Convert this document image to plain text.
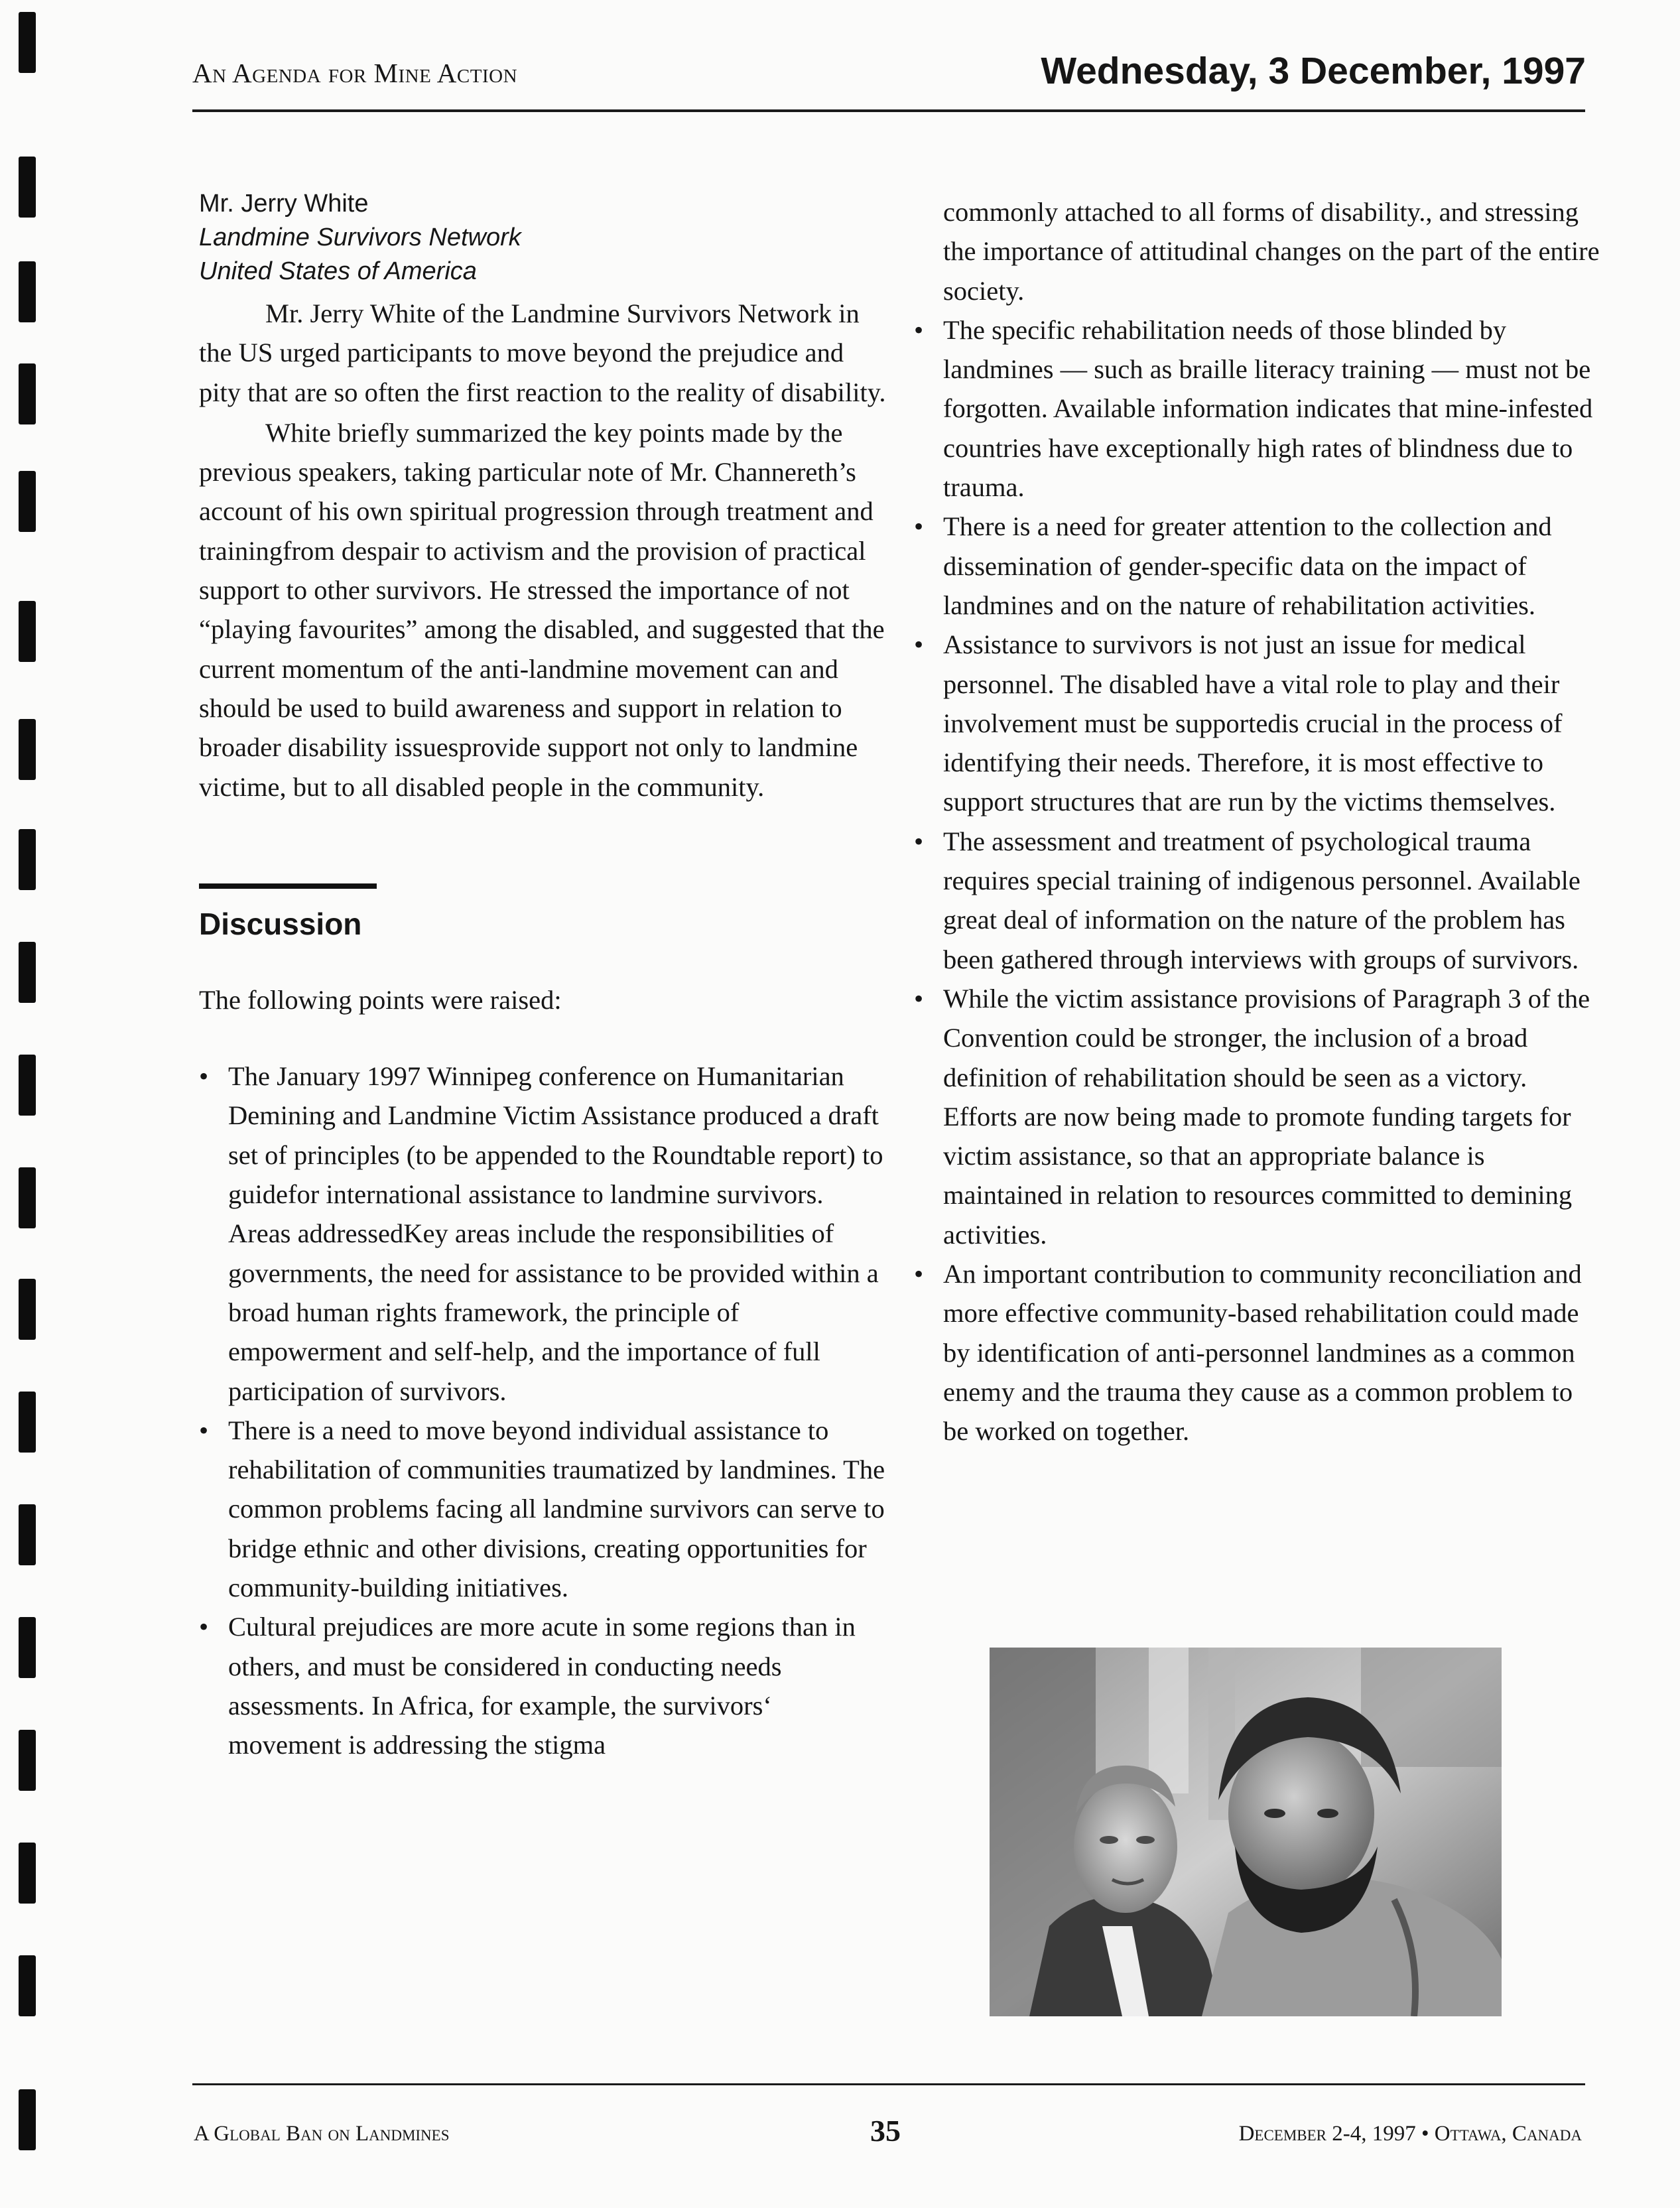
An Agenda for Mine Action	Wednesday, 3 December, 1997
Mr. Jerry White
Landmine Survivors Network
United States of America

Mr. Jerry White of the Landmine Survivors Network in the US urged participants to move beyond the prejudice and pity that are so often the first reaction to the reality of disability.

White briefly summarized the key points made by the previous speakers, taking particular note of Mr. Channereth’s account of his own spiritual progression through treatment and trainingfrom despair to activism and the provision of practical support to other survivors. He stressed the importance of not “playing favourites” among the disabled, and suggested that the current momentum of the anti-landmine movement can and should be used to build awareness and support in relation to broader disability issuesprovide support not only to landmine victime, but to all disabled people in the community.

Discussion
The following points were raised:
• The January 1997 Winnipeg conference on Humanitarian Demining and Landmine Victim Assistance produced a draft set of principles (to be appended to the Roundtable report) to guidefor international assistance to landmine survivors. Areas addressedKey areas include the responsibilities of governments, the need for assistance to be provided within a broad human rights framework, the principle of empowerment and self-help, and the importance of full participation of survivors.
• There is a need to move beyond individual assistance to rehabilitation of communities traumatized by landmines. The common problems facing all landmine survivors can serve to bridge ethnic and other divisions, creating opportunities for community-building initiatives.
• Cultural prejudices are more acute in some regions than in others, and must be considered in conducting needs assessments. In Africa, for example, the survivors‘ movement is addressing the stigma
commonly attached to all forms of disability., and stressing the importance of attitudinal changes on the part of the entire society.
• The specific rehabilitation needs of those blinded by landmines — such as braille literacy training — must not be forgotten. Available information indicates that mine-infested countries have exceptionally high rates of blindness due to trauma.
• There is a need for greater attention to the collection and dissemination of gender-specific data on the impact of landmines and on the nature of rehabilitation activities.
• Assistance to survivors is not just an issue for medical personnel. The disabled have a vital role to play and their involvement must be supportedis crucial in the process of identifying their needs. Therefore, it is most effective to support structures that are run by the victims themselves.
• The assessment and treatment of psychological trauma requires special training of indigenous personnel. Available great deal of information on the nature of the problem has been gathered through interviews with groups of survivors.
• While the victim assistance provisions of Paragraph 3 of the Convention could be stronger, the inclusion of a broad definition of rehabilitation should be seen as a victory. Efforts are now being made to promote funding targets for victim assistance, so that an appropriate balance is maintained in relation to resources committed to demining activities.
• An important contribution to community reconciliation and more effective community-based rehabilitation could made by identification of anti-personnel landmines as a common enemy and the trauma they cause as a common problem to be worked on together.
A Global Ban on Landmines	35	December 2-4, 1997 • Ottawa, Canada
